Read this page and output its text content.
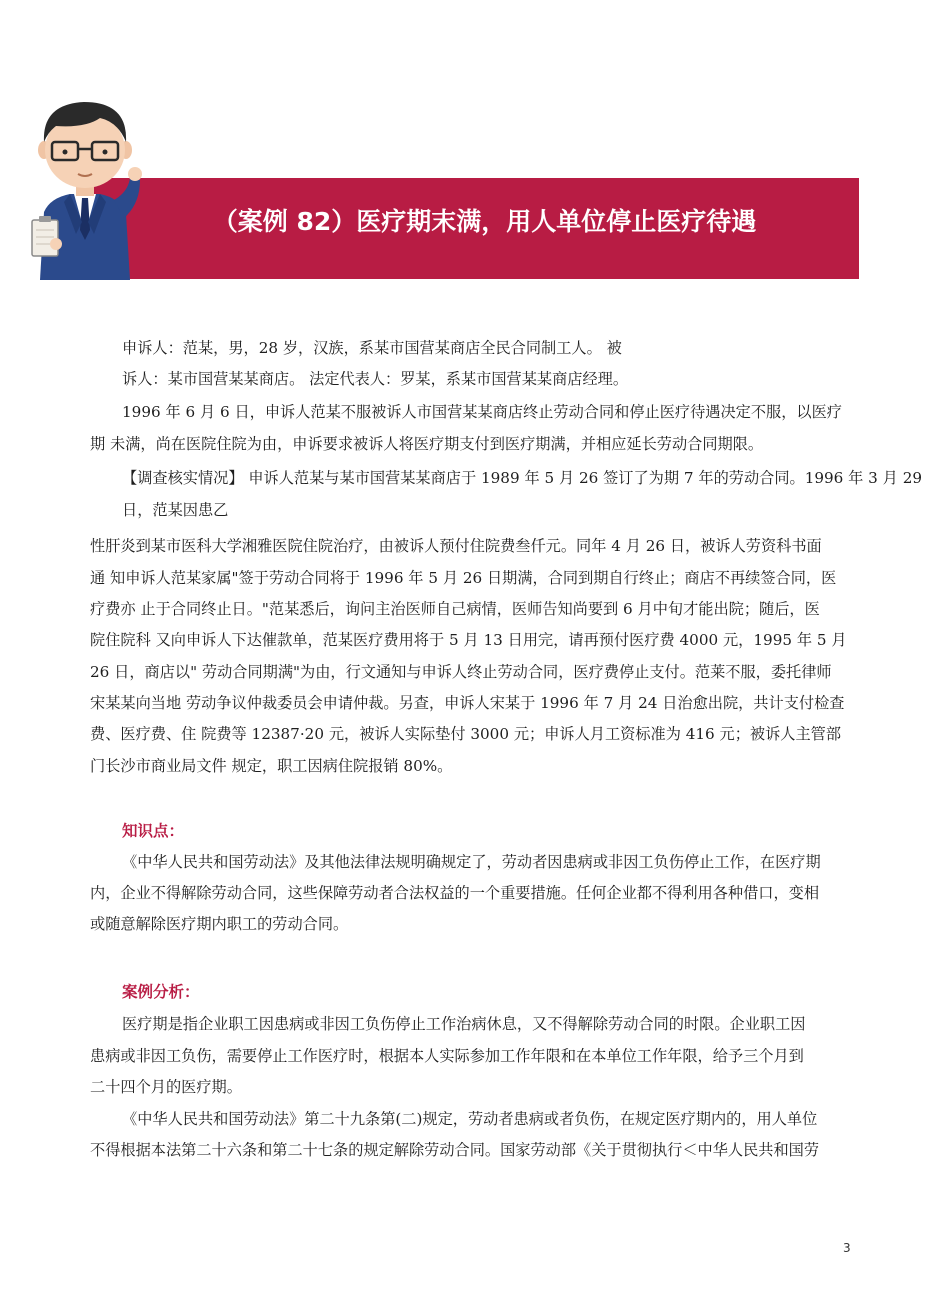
（案例 82）医疗期末满，用人单位停止医疗待遇
申诉人：范某，男，28 岁，汉族，系某市国营某商店全民合同制工人。 被
诉人：某市国营某某商店。 法定代表人：罗某，系某市国营某某商店经理。
1996 年 6 月 6 日，申诉人范某不服被诉人市国营某某商店终止劳动合同和停止医疗待遇决定不服，以医疗
期 未满，尚在医院住院为由，申诉要求被诉人将医疗期支付到医疗期满，并相应延长劳动合同期限。
【调查核实情况】 申诉人范某与某市国营某某商店于 1989 年 5 月 26 签订了为期 7 年的劳动合同。1996 年 3 月 29
日，范某因患乙
性肝炎到某市医科大学湘雅医院住院治疗，由被诉人预付住院费叁仟元。同年 4 月 26 日，被诉人劳资科书面
通 知申诉人范某家属"签于劳动合同将于 1996 年 5 月 26 日期满，合同到期自行终止；商店不再续签合同，医
疗费亦 止于合同终止日。"范某悉后，询问主治医师自己病情，医师告知尚要到 6 月中旬才能出院；随后，医
院住院科 又向申诉人下达催款单，范某医疗费用将于 5 月 13 日用完，请再预付医疗费 4000 元，1995 年 5 月
26 日，商店以" 劳动合同期满"为由，行文通知与申诉人终止劳动合同，医疗费停止支付。范莱不服，委托律师
宋某某向当地 劳动争议仲裁委员会申请仲裁。另查，申诉人宋某于 1996 年 7 月 24 日治愈出院，共计支付检查
费、医疗费、住 院费等 12387·20 元，被诉人实际垫付 3000 元；申诉人月工资标准为 416 元；被诉人主管部
门长沙市商业局文件 规定，职工因病住院报销 80%。
知识点：
《中华人民共和国劳动法》及其他法律法规明确规定了，劳动者因患病或非因工负伤停止工作，在医疗期
内，企业不得解除劳动合同，这些保障劳动者合法权益的一个重要措施。任何企业都不得利用各种借口，变相
或随意解除医疗期内职工的劳动合同。
案例分析：
医疗期是指企业职工因患病或非因工负伤停止工作治病休息，又不得解除劳动合同的时限。企业职工因
患病或非因工负伤，需要停止工作医疗时，根据本人实际参加工作年限和在本单位工作年限，给予三个月到
二十四个月的医疗期。
《中华人民共和国劳动法》第二十九条第(二)规定，劳动者患病或者负伤，在规定医疗期内的，用人单位
不得根据本法第二十六条和第二十七条的规定解除劳动合同。国家劳动部《关于贯彻执行＜中华人民共和国劳
3
